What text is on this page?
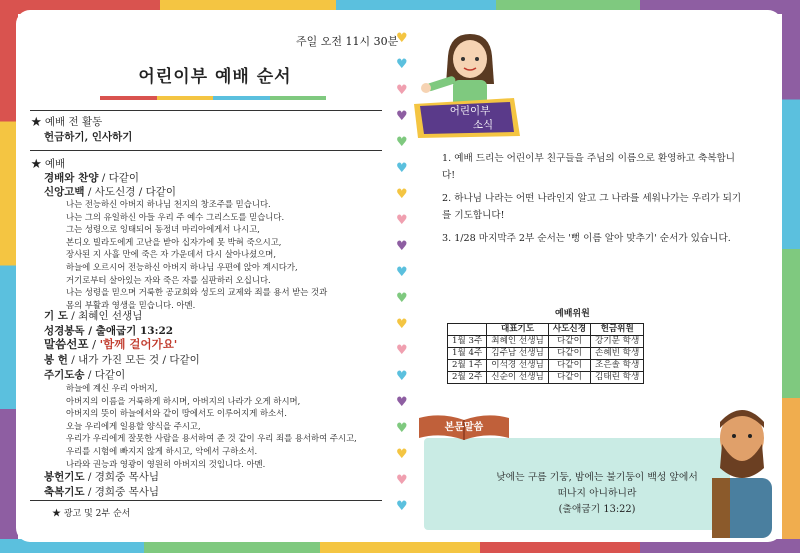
주일 오전 11시 30분
어린이부 예배 순서
★ 예배 전 활동
헌금하기, 인사하기
★ 예배
경배와 찬양 / 다같이
신앙고백 / 사도신경 / 다같이
나는 전능하신 아버지 하나님 천지의 창조주를 믿습니다.
나는 그의 유일하신 아들 우리 주 예수 그리스도를 믿습니다.
그는 성령으로 잉태되어 동정녀 마리아에게서 나시고,
본디오 빌라도에게 고난을 받아 십자가에 못 박혀 죽으시고,
장사된 지 사흘 만에 죽은 자 가운데서 다시 살아나셨으며,
하늘에 오르시어 전능하신 아버지 하나님 우편에 앉아 계시다가,
거기로부터 살아있는 자와 죽은 자를 심판하러 오십니다.
나는 성령을 믿으며 거룩한 공교회와 성도의 교제와 죄를 용서 받는 것과
몸의 부활과 영생을 믿습니다. 아멘.
기 도 / 최혜인 선생님
성경봉독 / 출애굽기 13:22
말씀선포 / '함께 걸어가요'
봉 헌 / 내가 가진 모든 것 / 다같이
주기도송 / 다같이
하늘에 계신 우리 아버지,
아버지의 이름을 거룩하게 하시며, 아버지의 나라가 오게 하시며,
아버지의 뜻이 하늘에서와 같이 땅에서도 이루어지게 하소서.
오늘 우리에게 일용할 양식을 주시고,
우리가 우리에게 잘못한 사람을 용서하여 준 것 같이 우리 죄를 용서하여 주시고,
우리를 시험에 빠지지 않게 하시고, 악에서 구하소서.
나라와 권능과 영광이 영원히 아버지의 것입니다. 아멘.
봉헌기도 / 경희중 목사님
축복기도 / 경희중 목사님
★ 광고 및 2부 순서
♥
♥
♥
♥
♥
♥
♥
♥
♥
♥
♥
♥
♥
♥
♥
♥
♥
♥
♥
어린이부
소식

1. 예배 드리는 어린이부 친구들을 주님의 이름으로 환영하고 축복합니다!

2. 하나님 나라는 어떤 나라인지 알고 그 나라를 세워나가는 우리가 되기를 기도합니다!

3. 1/28 마지막주 2부 순서는 '뻥 이름 알아 맞추기' 순서가 있습니다.

예배위원
	대표기도	사도신경	헌금위원
1월 3주	최혜인 선생님	다같이	강기문 학생
1월 4주	김주남 선생님	다같이	손혜빈 학생
2월 1주	이석경 선생님	다같이	조은솔 학생
2월 2주	신순이 선생님	다같이	김태린 학생
본문말씀
낮에는 구름 기둥, 밤에는 불기둥이 백성 앞에서
떠나지 아니하니라
(출애굽기 13:22)
